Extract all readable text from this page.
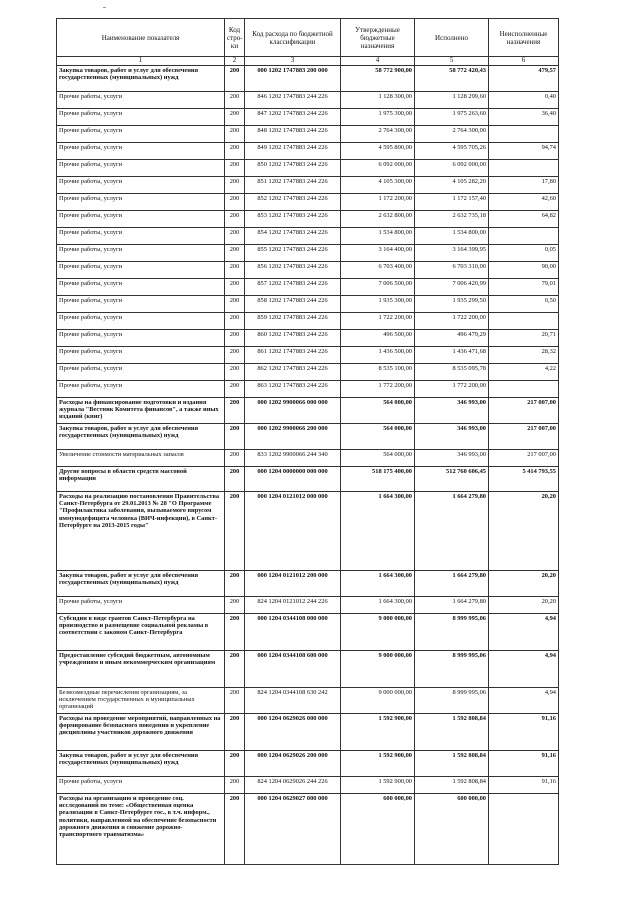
Наименование показателя	Код стро-ки	Код расхода по бюджетной классификации	Утвержденные бюджетные назначения	Исполнено	Неисполненные назначения
1	2	3	4	5	6
Закупка товаров, работ и услуг для обеспечения государственных (муниципальных) нужд	200	000 1202 1747883 200 000	58 772 900,00	58 772 420,43	479,57
Прочие работы, услуги	200	846 1202 1747883 244 226	1 128 300,00	1 128 299,60	0,40
Прочие работы, услуги	200	847 1202 1747883 244 226	1 975 300,00	1 975 263,60	36,40
Прочие работы, услуги	200	848 1202 1747883 244 226	2 764 300,00	2 764 300,00	
Прочие работы, услуги	200	849 1202 1747883 244 226	4 595 800,00	4 595 705,26	94,74
Прочие работы, услуги	200	850 1202 1747883 244 226	6 092 000,00	6 092 000,00	
Прочие работы, услуги	200	851 1202 1747883 244 226	4 105 300,00	4 105 282,20	17,80
Прочие работы, услуги	200	852 1202 1747883 244 226	1 172 200,00	1 172 157,40	42,60
Прочие работы, услуги	200	853 1202 1747883 244 226	2 632 800,00	2 632 735,18	64,82
Прочие работы, услуги	200	854 1202 1747883 244 226	1 534 800,00	1 534 800,00	
Прочие работы, услуги	200	855 1202 1747883 244 226	3 164 400,00	3 164 399,95	0,05
Прочие работы, услуги	200	856 1202 1747883 244 226	6 703 400,00	6 703 310,00	90,00
Прочие работы, услуги	200	857 1202 1747883 244 226	7 006 500,00	7 006 420,99	79,01
Прочие работы, услуги	200	858 1202 1747883 244 226	1 935 300,00	1 935 299,50	0,50
Прочие работы, услуги	200	859 1202 1747883 244 226	1 722 200,00	1 722 200,00	
Прочие работы, услуги	200	860 1202 1747883 244 226	496 500,00	496 479,29	20,71
Прочие работы, услуги	200	861 1202 1747883 244 226	1 436 500,00	1 436 471,68	28,32
Прочие работы, услуги	200	862 1202 1747883 244 226	8 535 100,00	8 535 095,78	4,22
Прочие работы, услуги	200	863 1202 1747883 244 226	1 772 200,00	1 772 200,00	
Расходы на финансирование подготовки и издания журнала "Вестник Комитета финансов", а также иных изданий (книг)	200	000 1202 9900066 000 000	564 000,00	346 993,00	217 007,00
Закупка товаров, работ и услуг для обеспечения государственных (муниципальных) нужд	200	000 1202 9900066 200 000	564 000,00	346 993,00	217 007,00
Увеличение стоимости материальных запасов	200	833 1202 9900066 244 340	564 000,00	346 993,00	217 007,00
Другие вопросы в области средств массовой информации	200	000 1204 0000000 000 000	518 175 400,00	512 760 606,45	5 414 793,55
Расходы на реализацию постановления Правительства Санкт-Петербурга от 29.01.2013 № 28 "О Программе "Профилактика заболевания, вызываемого вирусом иммунодефицита человека (ВИЧ-инфекции), в Санкт-Петербурге на 2013-2015 годы"	200	000 1204 0121012 000 000	1 664 300,00	1 664 279,80	20,20
Закупка товаров, работ и услуг для обеспечения государственных (муниципальных) нужд	200	000 1204 0121012 200 000	1 664 300,00	1 664 279,80	20,20
Прочие работы, услуги	200	824 1204 0121012 244 226	1 664 300,00	1 664 279,80	20,20
Субсидии в виде грантов Санкт-Петербурга на производство и размещение социальной рекламы в соответствии с законом Санкт-Петербурга	200	000 1204 0344108 000 000	9 000 000,00	8 999 995,06	4,94
Предоставление субсидий бюджетным, автономным учреждениям и иным некоммерческим организациям	200	000 1204 0344108 600 000	9 000 000,00	8 999 995,06	4,94
Безвозмездные перечисления организациям, за исключением государственных и муниципальных организаций	200	824 1204 0344108 630 242	9 000 000,00	8 999 995,06	4,94
Расходы на проведение мероприятий, направленных на формирование безопасного поведения и укрепление дисциплины участников дорожного движения	200	000 1204 0629026 000 000	1 592 900,00	1 592 808,84	91,16
Закупка товаров, работ и услуг для обеспечения государственных (муниципальных) нужд	200	000 1204 0629026 200 000	1 592 900,00	1 592 808,84	91,16
Прочие работы, услуги	200	824 1204 0629026 244 226	1 592 900,00	1 592 808,84	91,16
Расходы на организацию и проведение соц. исследований по теме: «Общественная оценка реализации в Санкт-Петербурге гос., в т.ч. информ., политики, направленной на обеспечение безопасности дорожного движения и снижение дорожно-транспортного травматизма»	200	000 1204 0629027 000 000	600 000,00	600 000,00	
